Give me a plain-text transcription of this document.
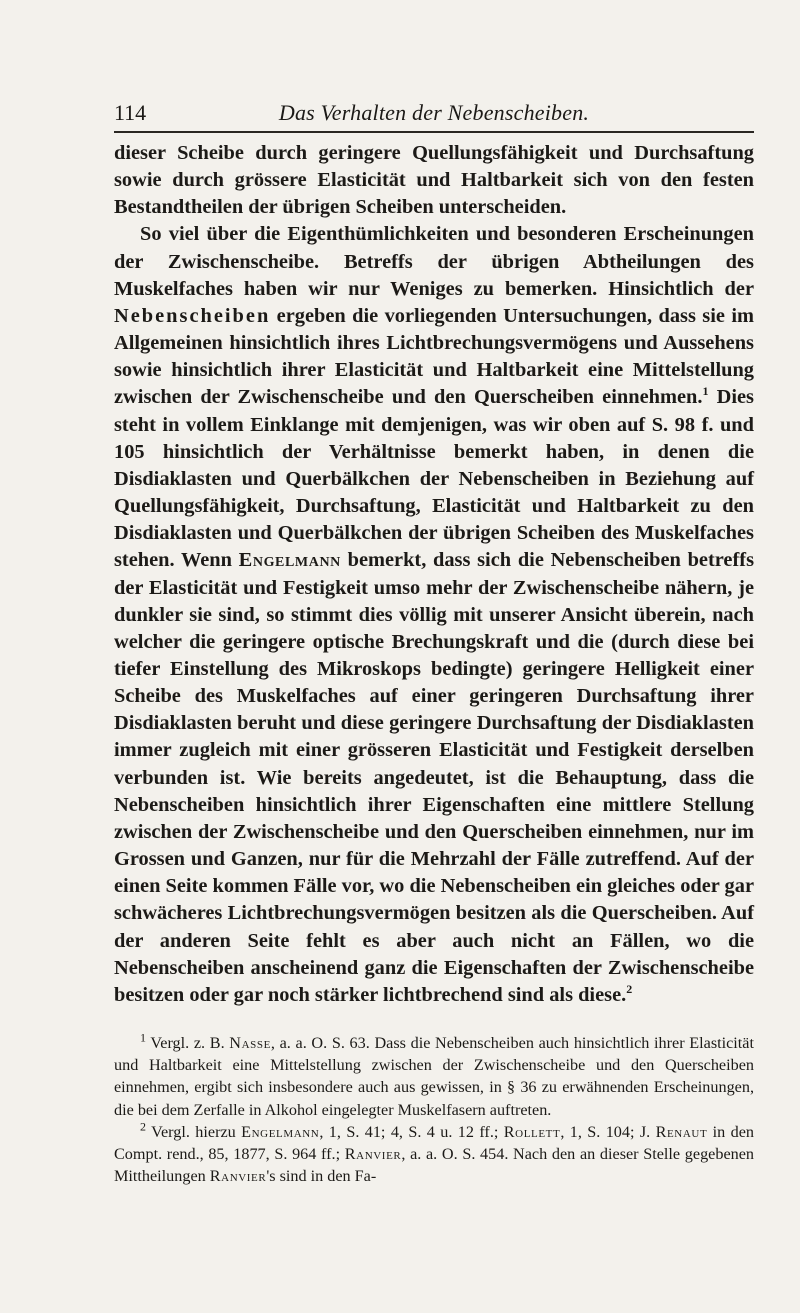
114	Das Verhalten der Nebenscheiben.

dieser Scheibe durch geringere Quellungsfähigkeit und Durchsaftung sowie durch grössere Elasticität und Haltbarkeit sich von den festen Bestandtheilen der übrigen Scheiben unterscheiden.

So viel über die Eigenthümlichkeiten und besonderen Erscheinungen der Zwischenscheibe. Betreffs der übrigen Abtheilungen des Muskelfaches haben wir nur Weniges zu bemerken. Hinsichtlich der Nebenscheiben ergeben die vorliegenden Untersuchungen, dass sie im Allgemeinen hinsichtlich ihres Lichtbrechungsvermögens und Aussehens sowie hinsichtlich ihrer Elasticität und Haltbarkeit eine Mittelstellung zwischen der Zwischenscheibe und den Querscheiben einnehmen.$^1$ Dies steht in vollem Einklange mit demjenigen, was wir oben auf S. 98 f. und 105 hinsichtlich der Verhältnisse bemerkt haben, in denen die Disdiaklasten und Querbälkchen der Nebenscheiben in Beziehung auf Quellungsfähigkeit, Durchsaftung, Elasticität und Haltbarkeit zu den Disdiaklasten und Querbälkchen der übrigen Scheiben des Muskelfaches stehen. Wenn Engelmann bemerkt, dass sich die Nebenscheiben betreffs der Elasticität und Festigkeit umso mehr der Zwischenscheibe nähern, je dunkler sie sind, so stimmt dies völlig mit unserer Ansicht überein, nach welcher die geringere optische Brechungskraft und die (durch diese bei tiefer Einstellung des Mikroskops bedingte) geringere Helligkeit einer Scheibe des Muskelfaches auf einer geringeren Durchsaftung ihrer Disdiaklasten beruht und diese geringere Durchsaftung der Disdiaklasten immer zugleich mit einer grösseren Elasticität und Festigkeit derselben verbunden ist. Wie bereits angedeutet, ist die Behauptung, dass die Nebenscheiben hinsichtlich ihrer Eigenschaften eine mittlere Stellung zwischen der Zwischenscheibe und den Querscheiben einnehmen, nur im Grossen und Ganzen, nur für die Mehrzahl der Fälle zutreffend. Auf der einen Seite kommen Fälle vor, wo die Nebenscheiben ein gleiches oder gar schwächeres Lichtbrechungsvermögen besitzen als die Querscheiben. Auf der anderen Seite fehlt es aber auch nicht an Fällen, wo die Nebenscheiben anscheinend ganz die Eigenschaften der Zwischenscheibe besitzen oder gar noch stärker lichtbrechend sind als diese.$^2$

$^1$ Vergl. z. B. Nasse, a. a. O. S. 63. Dass die Nebenscheiben auch hinsichtlich ihrer Elasticität und Haltbarkeit eine Mittelstellung zwischen der Zwischenscheibe und den Querscheiben einnehmen, ergibt sich insbesondere auch aus gewissen, in § 36 zu erwähnenden Erscheinungen, die bei dem Zerfalle in Alkohol eingelegter Muskelfasern auftreten.

$^2$ Vergl. hierzu Engelmann, 1, S. 41; 4, S. 4 u. 12 ff.; Rollett, 1, S. 104; J. Renaut in den Compt. rend., 85, 1877, S. 964 ff.; Ranvier, a. a. O. S. 454. Nach den an dieser Stelle gegebenen Mittheilungen Ranvier's sind in den Fa-
